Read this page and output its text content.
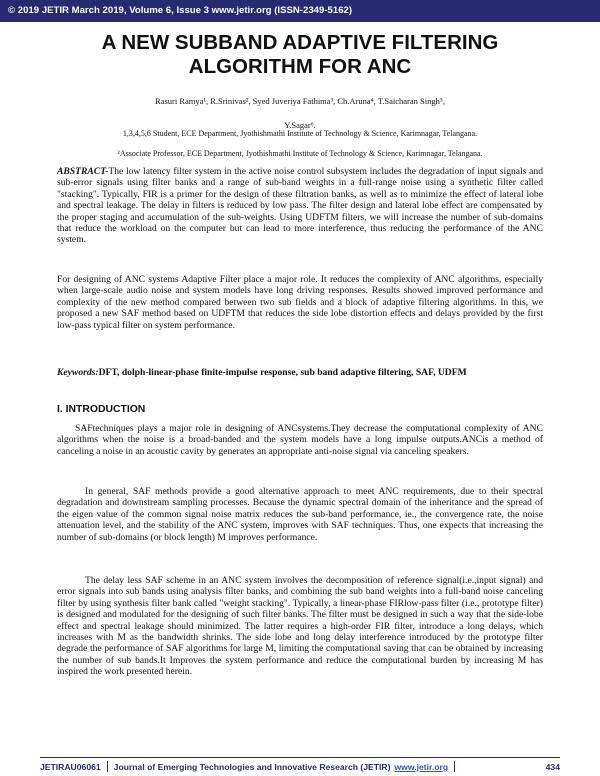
© 2019 JETIR March 2019, Volume 6, Issue 3 www.jetir.org (ISSN-2349-5162)
A NEW SUBBAND ADAPTIVE FILTERING
ALGORITHM FOR ANC
Rasuri Ramya¹, R.Srinivas², Syed Juveriya Fathima³, Ch.Aruna⁴, T.Saicharan Singh⁵,
Y.Sagar⁶.
1,3,4,5,6 Student, ECE Department, Jyothishmathi Institute of Technology & Science, Karimnagar, Telangana.
²Associate Professor, ECE Department, Jyothishmathi Institute of Technology & Science, Karimnagar, Telangana.

ABSTRACT-The low latency filter system in the active noise control subsystem includes the degradation of input signals and sub-error signals using filter banks and a range of sub-band weights in a full-range noise using a synthetic filter called "stacking". Typically, FIR is a primer for the design of these filtration banks, as well as to minimize the effect of lateral lobe and spectral leakage. The delay in filters is reduced by low pass. The filter design and lateral lobe effect are compensated by the proper staging and accumulation of the sub-weights. Using UDFTM filters, we will increase the number of sub-domains that reduce the workload on the computer but can lead to more interference, thus reducing the performance of the ANC system.

For designing of ANC systems Adaptive Filter place a major role. It reduces the complexity of ANC algorithms, especially when large-scale audio noise and system models have long driving responses. Results showed improved performance and complexity of the new method compared between two sub fields and a block of adaptive filtering algorithms. In this, we proposed a new SAF method based on UDFTM that reduces the side lobe distortion effects and delays provided by the first low-pass typical filter on system performance.

Keywords:DFT, dolph-linear-phase finite-impulse response, sub band adaptive filtering, SAF, UDFM

I. INTRODUCTION

SAFtechniques plays a major role in designing of ANCsystems.They decrease the computational complexity of ANC algorithms when the noise is a broad-banded and the system models have a long impulse outputs.ANCis a method of canceling a noise in an acoustic cavity by generates an appropriate anti-noise signal via canceling speakers.

In general, SAF methods provide a good alternative approach to meet ANC requirements, due to their spectral degradation and downstream sampling processes. Because the dynamic spectral domain of the inheritance and the spread of the eigen value of the common signal noise matrix reduces the sub-band performance, ie., the convergence rate, the noise attenuation level, and the stability of the ANC system, improves with SAF techniques. Thus, one expects that increasing the number of sub-domains (or block length) M improves performance.

The delay less SAF scheme in an ANC system involves the decomposition of reference signal(i.e.,input signal) and error signals into sub bands using analysis filter banks, and combining the sub band weights into a full-band noise canceling filter by using synthesis filter bank called "weight stacking". Typically, a linear-phase FIRlow-pass filter (i.e., prototype filter) is designed and modulated for the designing of such filter banks. The filter must be designed in such a way that the side-lobe effect and spectral leakage should minimized. The latter requires a high-order FIR filter, introduce a long delays, which increases with M as the bandwidth shrinks. The side lobe and long delay interference introduced by the prototype filter degrade the performance of SAF algorithms for large M, limiting the computational saving that can be obtained by increasing the number of sub bands.It Improves the system performance and reduce the computational burden by increasing M has inspired the work presented herein.

JETIRAU06061 Journal of Emerging Technologies and Innovative Research (JETIR) www.jetir.org	434
